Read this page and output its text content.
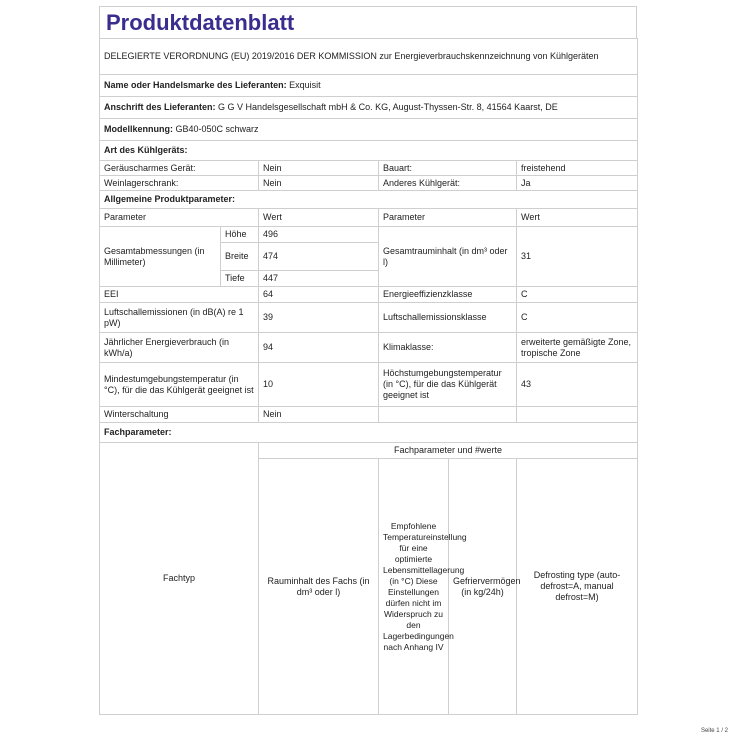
Produktdatenblatt
DELEGIERTE VERORDNUNG (EU) 2019/2016 DER KOMMISSION zur Energieverbrauchskennzeichnung von Kühlgeräten					
Name oder Handelsmarke des Lieferanten: Exquisit					
Anschrift des Lieferanten: G G V Handelsgesellschaft mbH & Co. KG, August-Thyssen-Str. 8, 41564 Kaarst, DE					
Modellkennung: GB40-050C schwarz					
Art des Kühlgeräts:					
Geräuscharmes Gerät:		Nein	Bauart:		freistehend
Weinlagerschrank:		Nein	Anderes Kühlgerät:		Ja
Allgemeine Produktparameter:					
Parameter		Wert	Parameter		Wert
Gesamtabmessungen (in Millimeter)	Höhe	496	Gesamtrauminhalt (in dm³ oder l)		31
	Breite	474			
	Tiefe	447			
EEI		64	Energieeffizienzklasse		C
Luftschallemissionen (in dB(A) re 1 pW)		39	Luftschallemissionsklasse		C
Jährlicher Energieverbrauch (in kWh/a)		94	Klimaklasse:		erweiterte gemäßigte Zone, tropische Zone
Mindestumgebungstemperatur (in °C), für die das Kühlgerät geeignet ist		10	Höchstumgebungstemperatur (in °C), für die das Kühlgerät geeignet ist		43
Winterschaltung		Nein			
Fachparameter:					
Fachtyp		Fachparameter und #werte			
		Rauminhalt des Fachs (in dm³ oder l)	Empfohlene Temperatureinstellung für eine optimierte Lebensmittellagerung (in °C) Diese Einstellungen dürfen nicht im Widerspruch zu den Lagerbedingungen nach Anhang IV	Gefriervermögen (in kg/24h)	Defrosting type (auto-defrost=A, manual defrost=M)
Seite 1 / 2
